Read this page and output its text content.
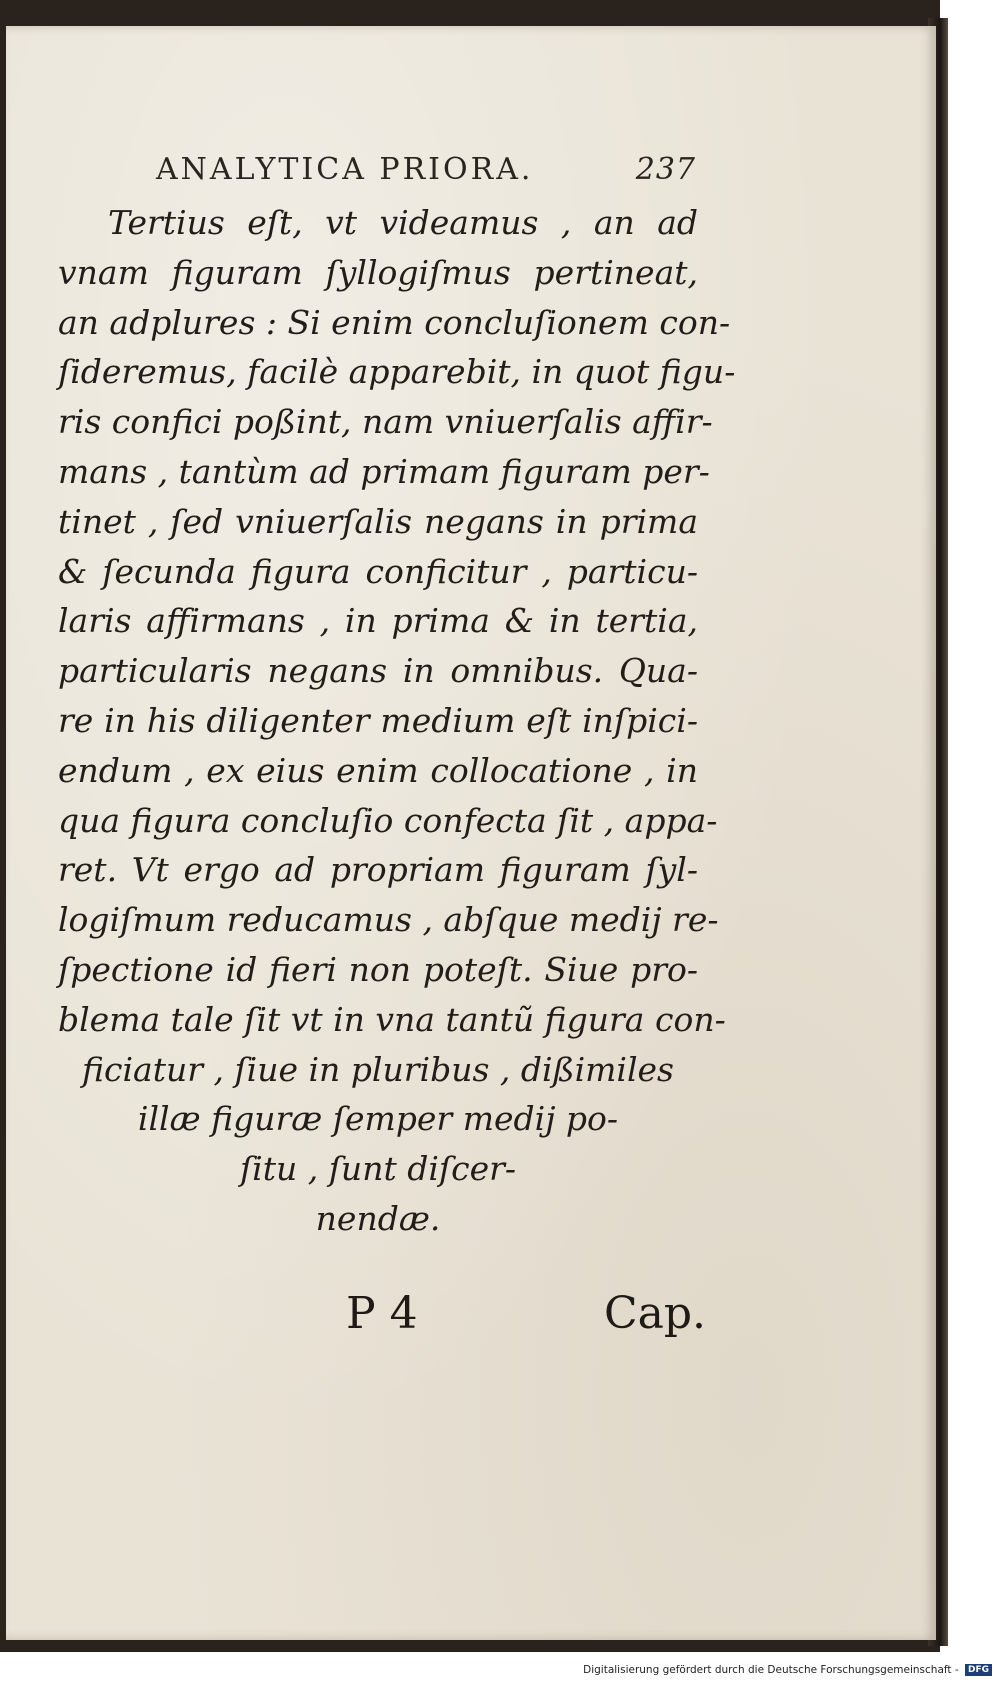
ANALYTICA PRIORA.	237
Tertius eſt, vt videamus , an ad
vnam figuram ſyllogiſmus pertineat,
an adplures : Si enim concluſionem con-
ſideremus, facilè apparebit, in quot figu-
ris confici poßint, nam vniuerſalis affir-
mans , tantùm ad primam figuram per-
tinet , ſed vniuerſalis negans in prima
& ſecunda figura conficitur , particu-
laris affirmans , in prima & in tertia,
particularis negans in omnibus. Qua-
re in his diligenter medium eſt inſpici-
endum , ex eius enim collocatione , in
qua figura concluſio confecta ſit , appa-
ret. Vt ergo ad propriam figuram ſyl-
logiſmum reducamus , abſque medij re-
ſpectione id fieri non poteſt. Siue pro-
blema tale ſit vt in vna tantũ figura con-
ficiatur , ſiue in pluribus , dißimiles
illæ figuræ ſemper medij po-
ſitu , ſunt diſcer-
nendæ.
P 4	Cap.
Digitalisierung gefördert durch die Deutsche Forschungsgemeinschaft - DFG
